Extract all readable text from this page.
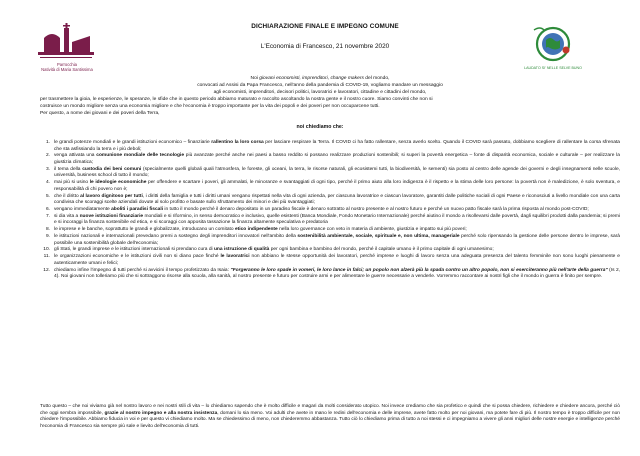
Parrocchia
Natività di Maria Santissima	LAUDATO SI' NELLE SELVE BUNO
DICHIARAZIONE FINALE E IMPEGNO COMUNE
L'Economia di Francesco, 21 novembre 2020
Noi giovani economisti, imprenditori, change makers del mondo,
convocati ad Assisi da Papa Francesco, nell'anno della pandemia di COVID-19, vogliamo mandare un messaggio
agli economisti, imprenditori, decisori politici, lavoratrici e lavoratori, cittadine e cittadini del mondo,
per trasmettere la gioia, le esperienze, le speranze, le sfide che in questo periodo abbiamo maturato e raccolto ascoltando la nostra gente e il nostro cuore. Siamo convinti che non si
costruisce un mondo migliore senza una economia migliore e che l'economia è troppo importante per la vita dei popoli e dei poveri per non occuparcene tutti.
Per questo, a nome dei giovani e dei poveri della Terra,
noi chiediamo che:
1. le grandi potenze mondiali e le grandi istituzioni economico – finanziarie rallentino la loro corsa per lasciare respirare la Terra. Il COVID ci ha fatto rallentare, senza averlo scelto. Quando il COVID sarà passato, dobbiamo scegliere di rallentare la corsa sfrenata che sta asfissiando la terra e i più deboli;
2. venga attivata una comunione mondiale delle tecnologie più avanzate perché anche nei paesi a basso reddito si possano realizzare produzioni sostenibili; si superi la povertà energetica – fonte di disparità economica, sociale e culturale – per realizzare la giustizia climatica;
3. il tema della custodia dei beni comuni (specialmente quelli globali quali l'atmosfera, le foreste, gli oceani, la terra, le risorse naturali, gli ecosistemi tutti, la biodiversità, le sementi) sia posto al centro delle agende dei governi e degli insegnamenti nelle scuole, università, business school di tutto il mondo;
4. mai più si usino le ideologie economiche per offendere e scartare i poveri, gli ammalati, le minoranze e svantaggiati di ogni tipo, perché il primo aiuto alla loro indigenza è il rispetto e la stima delle loro persone: la povertà non è maledizione, è solo sventura, e responsabilità di chi povero non è;
5. che il diritto al lavoro dignitoso per tutti, i diritti della famiglia e tutti i diritti umani vengano rispettati nella vita di ogni azienda, per ciascuna lavoratrice e ciascun lavoratore, garantiti dalle politiche sociali di ogni Paese e riconosciuti a livello mondiale con una carta condivisa che scoraggi scelte aziendali dovute al solo profitto e basate sullo sfruttamento dei minori e dei più svantaggiati;
6. vengano immediatamente aboliti i paradisi fiscali in tutto il mondo perché il denaro depositato in un paradiso fiscale è denaro sottratto al nostro presente e al nostro futuro e perché un nuovo patto fiscale sarà la prima risposta al mondo post-COVID;
7. si dia vita a nuove istituzioni finanziarie mondiali e si riformino, in senso democratico e inclusivo, quelle esistenti (Banca Mondiale, Fondo Monetario Internazionale) perché aiutino il mondo a risollevarsi dalle povertà, dagli squilibri prodotti dalla pandemia; si premi e si incoraggi la finanza sostenibile ed etica, e si scoraggi con apposita tassazione la finanza altamente speculativa e predatoria
8. le imprese e le banche, soprattutto le grandi e globalizzate, introducano un comitato etico indipendente nella loro governance con veto in materia di ambiente, giustizia e impatto sui più poveri;
9. le istituzioni nazionali e internazionali prevedano premi a sostegno degli imprenditori innovatori nell'ambito della sostenibilità ambientale, sociale, spirituale e, non ultima, manageriale perché solo ripensando la gestione delle persone dentro le imprese, sarà possibile una sostenibilità globale dell'economia;
10. gli Stati, le grandi imprese e le istituzioni internazionali si prendano cura di una istruzione di qualità per ogni bambina e bambino del mondo, perché il capitale umano è il primo capitale di ogni umanesimo;
11. le organizzazioni economiche e le istituzioni civili non si diano pace finché le lavoratrici non abbiano le stesse opportunità dei lavoratori, perché imprese e luoghi di lavoro senza una adeguata presenza del talento femminile non sono luoghi pienamente e autenticamente umani e felici;
12. chiediamo infine l'impegno di tutti perché si avvicini il tempo profetizzato da Isaia: "Forgeranno le loro spade in vomeri, le loro lance in falci; un popolo non alzerà più la spada contro un altro popolo, non si eserciteranno più nell'arte della guerra" (Is 2, 4). Noi giovani non tolleriamo più che si sottraggono risorse alla scuola, alla sanità, al nostro presente e futuro per costruire armi e per alimentare le guerre necessarie a venderle. Vorremmo raccontare ai nostri figli che il mondo in guerra è finito per sempre.
Tutto questo – che noi viviamo già nel nostro lavoro e nei nostri stili di vita – lo chiediamo sapendo che è molto difficile e magari da molti considerato utopico. Noi invece crediamo che sia profetico e quindi che si possa chiedere, richiedere e chiedere ancora, perché ciò che oggi sembra impossibile, grazie al nostro impegno e alla nostra insistenza, domani lo sia meno. Voi adulti che avete in mano le redini dell'economia e delle imprese, avete fatto molto per noi giovani, ma potete fare di più. Il nostro tempo è troppo difficile per non chiedere l'impossibile. Abbiamo fiducia in voi e per questo vi chiediamo molto. Ma se chiedessimo di meno, non chiederemmo abbastanza. Tutto ciò lo chiediamo prima di tutto a noi stessi e ci impegniamo a vivere gli anni migliori delle nostre energie e intelligenze perché l'economia di Francesco sia sempre più sale e lievito dell'economia di tutti.
